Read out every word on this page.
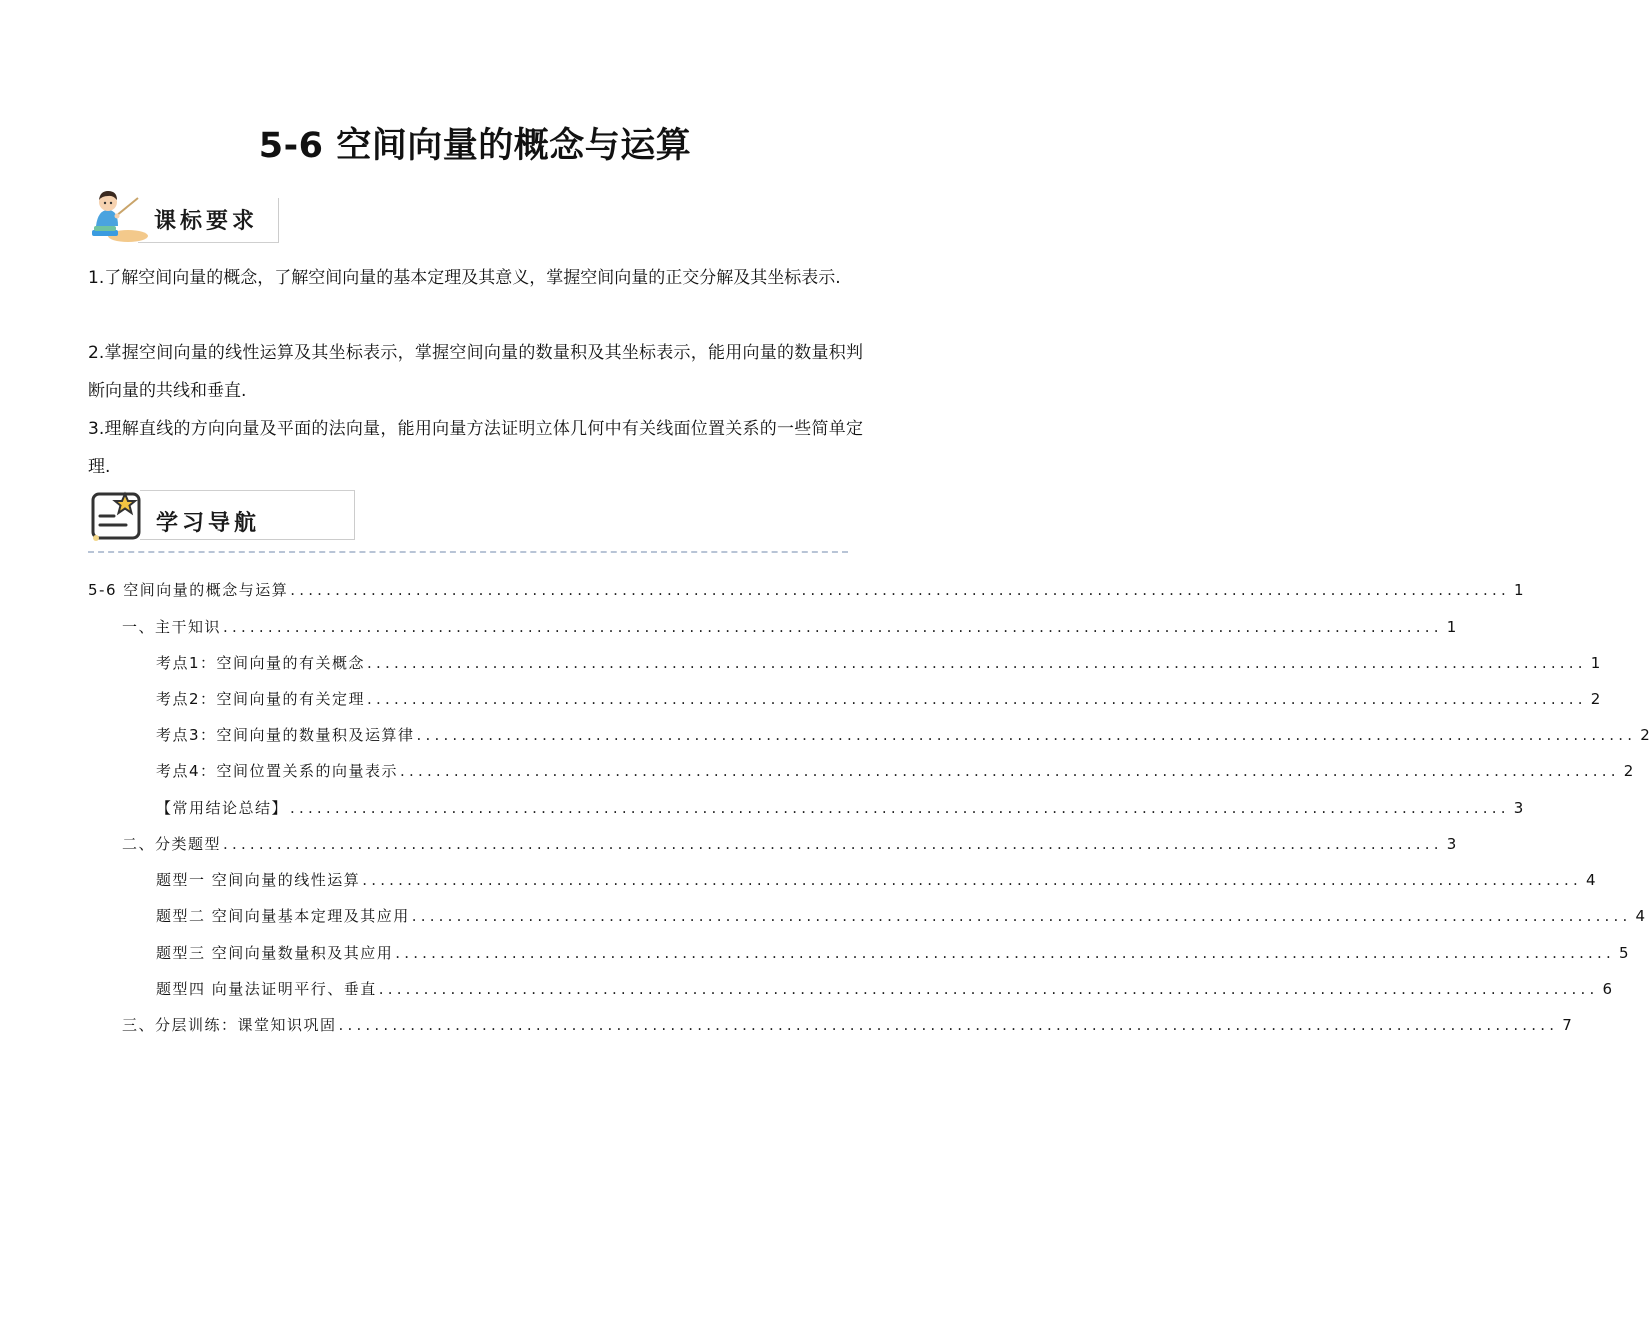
5-6 空间向量的概念与运算
课标要求
1.了解空间向量的概念，了解空间向量的基本定理及其意义，掌握空间向量的正交分解及其坐标表示.
2.掌握空间向量的线性运算及其坐标表示，掌握空间向量的数量积及其坐标表示，能用向量的数量积判断向量的共线和垂直.
3.理解直线的方向向量及平面的法向量，能用向量方法证明立体几何中有关线面位置关系的一些简单定理.
学习导航
5-6 空间向量的概念与运算 ........................................................................................................................................ 1
一、主干知识 ........................................................................................................................................ 1
考点1：空间向量的有关概念 ........................................................................................................................................ 1
考点2：空间向量的有关定理 ........................................................................................................................................ 2
考点3：空间向量的数量积及运算律 ........................................................................................................................................ 2
考点4：空间位置关系的向量表示 ........................................................................................................................................ 2
【常用结论总结】 ........................................................................................................................................ 3
二、分类题型 ........................................................................................................................................ 3
题型一 空间向量的线性运算 ........................................................................................................................................ 4
题型二 空间向量基本定理及其应用 ........................................................................................................................................ 4
题型三 空间向量数量积及其应用 ........................................................................................................................................ 5
题型四 向量法证明平行、垂直 ........................................................................................................................................ 6
三、分层训练：课堂知识巩固 ........................................................................................................................................ 7
